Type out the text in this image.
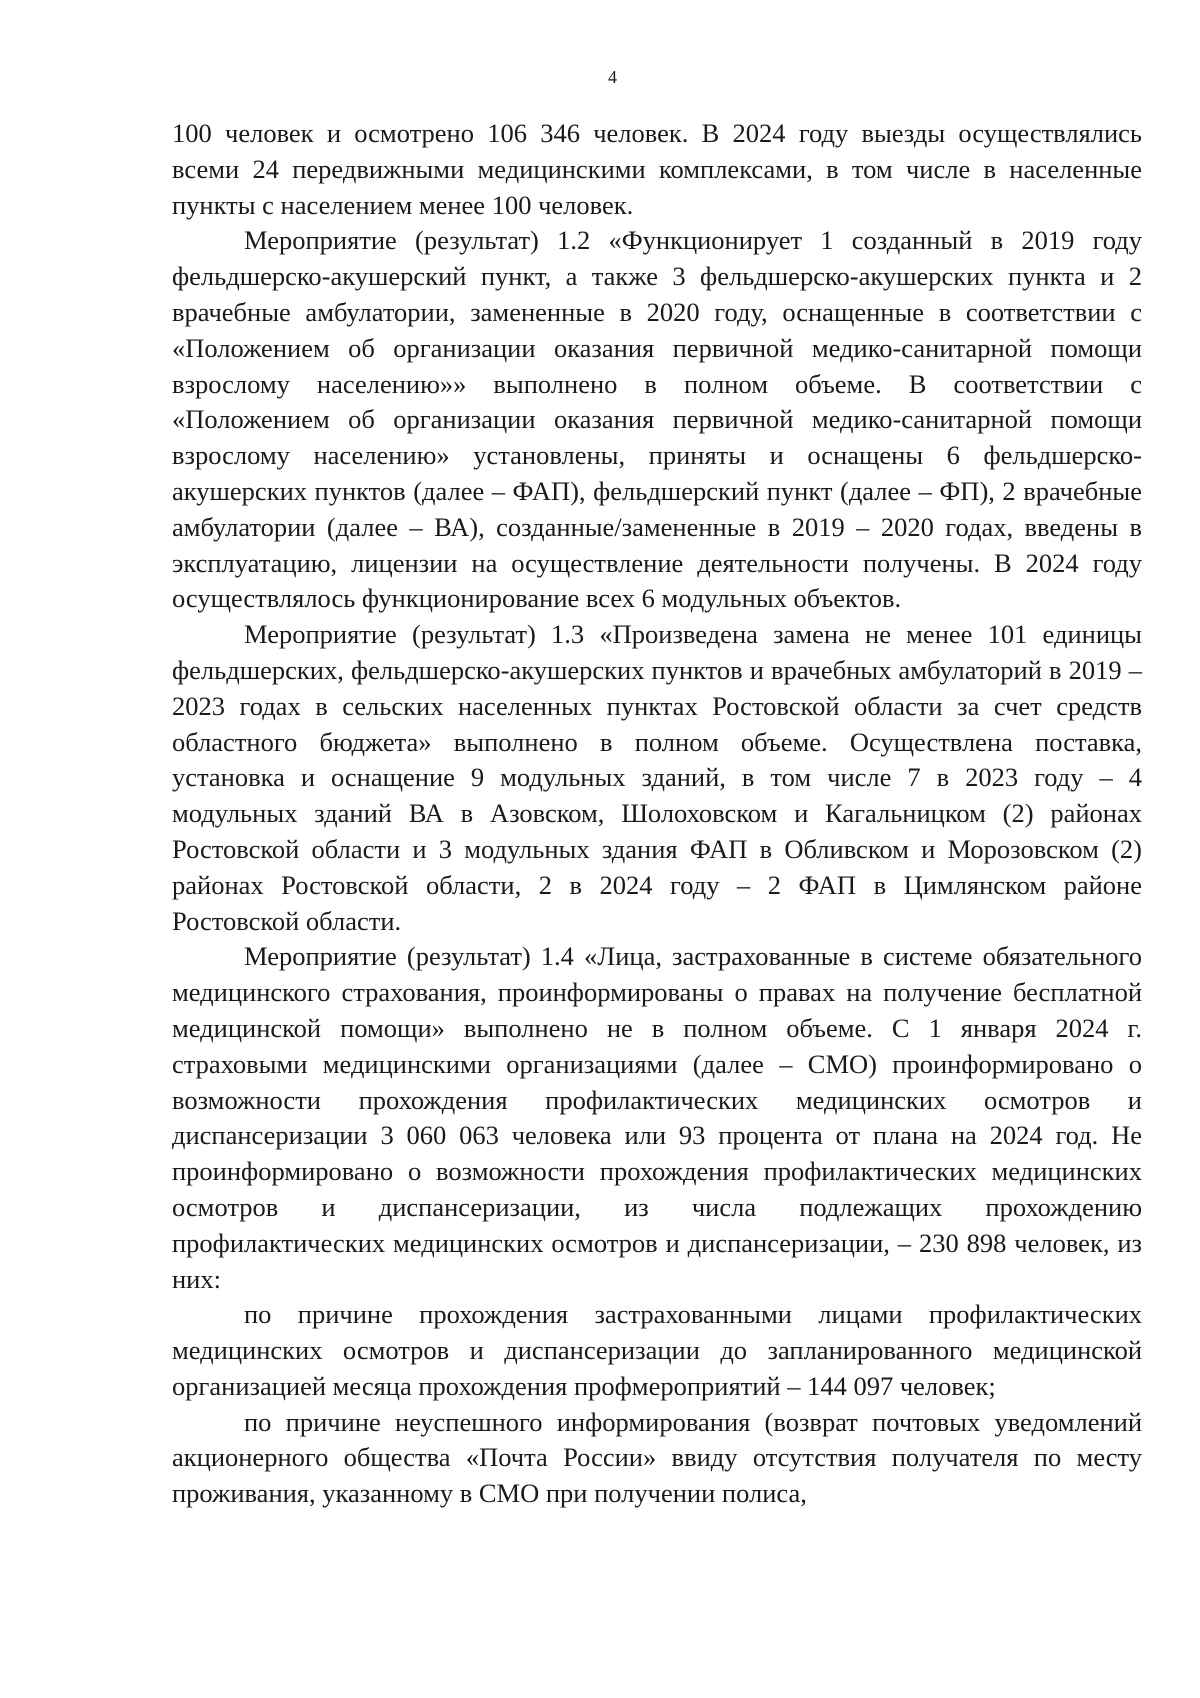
4

100 человек и осмотрено 106 346 человек. В 2024 году выезды осуществлялись всеми 24 передвижными медицинскими комплексами, в том числе в населенные пункты с населением менее 100 человек.

Мероприятие (результат) 1.2 «Функционирует 1 созданный в 2019 году фельдшерско-акушерский пункт, а также 3 фельдшерско-акушерских пункта и 2 врачебные амбулатории, замененные в 2020 году, оснащенные в соответствии с «Положением об организации оказания первичной медико-санитарной помощи взрослому населению»» выполнено в полном объеме. В соответствии с «Положением об организации оказания первичной медико-санитарной помощи взрослому населению» установлены, приняты и оснащены 6 фельдшерско-акушерских пунктов (далее – ФАП), фельдшерский пункт (далее – ФП), 2 врачебные амбулатории (далее – ВА), созданные/замененные в 2019 – 2020 годах, введены в эксплуатацию, лицензии на осуществление деятельности получены. В 2024 году осуществлялось функционирование всех 6 модульных объектов.

Мероприятие (результат) 1.3 «Произведена замена не менее 101 единицы фельдшерских, фельдшерско-акушерских пунктов и врачебных амбулаторий в 2019 – 2023 годах в сельских населенных пунктах Ростовской области за счет средств областного бюджета» выполнено в полном объеме. Осуществлена поставка, установка и оснащение 9 модульных зданий, в том числе 7 в 2023 году – 4 модульных зданий ВА в Азовском, Шолоховском и Кагальницком (2) районах Ростовской области и 3 модульных здания ФАП в Обливском и Морозовском (2) районах Ростовской области, 2 в 2024 году – 2 ФАП в Цимлянском районе Ростовской области.

Мероприятие (результат) 1.4 «Лица, застрахованные в системе обязательного медицинского страхования, проинформированы о правах на получение бесплатной медицинской помощи» выполнено не в полном объеме. С 1 января 2024 г. страховыми медицинскими организациями (далее – СМО) проинформировано о возможности прохождения профилактических медицинских осмотров и диспансеризации 3 060 063 человека или 93 процента от плана на 2024 год. Не проинформировано о возможности прохождения профилактических медицинских осмотров и диспансеризации, из числа подлежащих прохождению профилактических медицинских осмотров и диспансеризации, – 230 898 человек, из них:

по причине прохождения застрахованными лицами профилактических медицинских осмотров и диспансеризации до запланированного медицинской организацией месяца прохождения профмероприятий – 144 097 человек;

по причине неуспешного информирования (возврат почтовых уведомлений акционерного общества «Почта России» ввиду отсутствия получателя по месту проживания, указанному в СМО при получении полиса,
